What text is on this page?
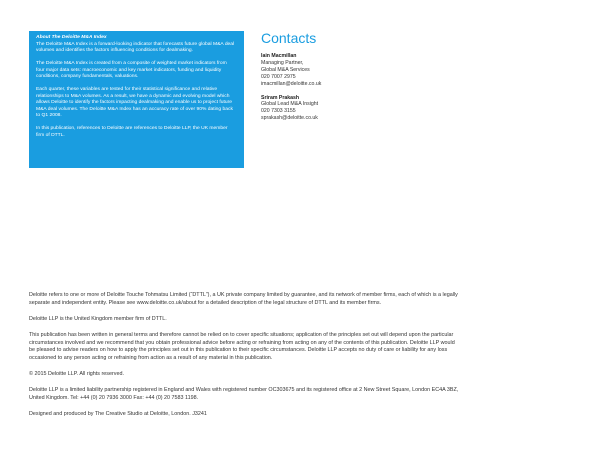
About The Deloitte M&A Index

The Deloitte M&A Index is a forward-looking indicator that forecasts future global M&A deal volumes and identifies the factors influencing conditions for dealmaking.

The Deloitte M&A Index is created from a composite of weighted market indicators from four major data sets: macroeconomic and key market indicators, funding and liquidity conditions, company fundamentals, valuations.

Each quarter, these variables are tested for their statistical significance and relative relationships to M&A volumes. As a result, we have a dynamic and evolving model which allows Deloitte to identify the factors impacting dealmaking and enable us to project future M&A deal volumes. The Deloitte M&A Index has an accuracy rate of over 90% dating back to Q1 2008.

In this publication, references to Deloitte are references to Deloitte LLP, the UK member firm of DTTL.

Contacts
Iain Macmillan
Managing Partner,
Global M&A Services
020 7007 2975
imacmillan@deloitte.co.uk
Sriram Prakash
Global Lead M&A Insight
020 7303 3155
sprakash@deloitte.co.uk

Deloitte refers to one or more of Deloitte Touche Tohmatsu Limited (“DTTL”), a UK private company limited by guarantee, and its network of member firms, each of which is a legally separate and independent entity. Please see www.deloitte.co.uk/about for a detailed description of the legal structure of DTTL and its member firms.

Deloitte LLP is the United Kingdom member firm of DTTL.

This publication has been written in general terms and therefore cannot be relied on to cover specific situations; application of the principles set out will depend upon the particular circumstances involved and we recommend that you obtain professional advice before acting or refraining from acting on any of the contents of this publication. Deloitte LLP would be pleased to advise readers on how to apply the principles set out in this publication to their specific circumstances. Deloitte LLP accepts no duty of care or liability for any loss occasioned to any person acting or refraining from action as a result of any material in this publication.

© 2015 Deloitte LLP. All rights reserved.

Deloitte LLP is a limited liability partnership registered in England and Wales with registered number OC303675 and its registered office at 2 New Street Square, London EC4A 3BZ, United Kingdom. Tel: +44 (0) 20 7936 3000 Fax: +44 (0) 20 7583 1198.

Designed and produced by The Creative Studio at Deloitte, London. J3241
